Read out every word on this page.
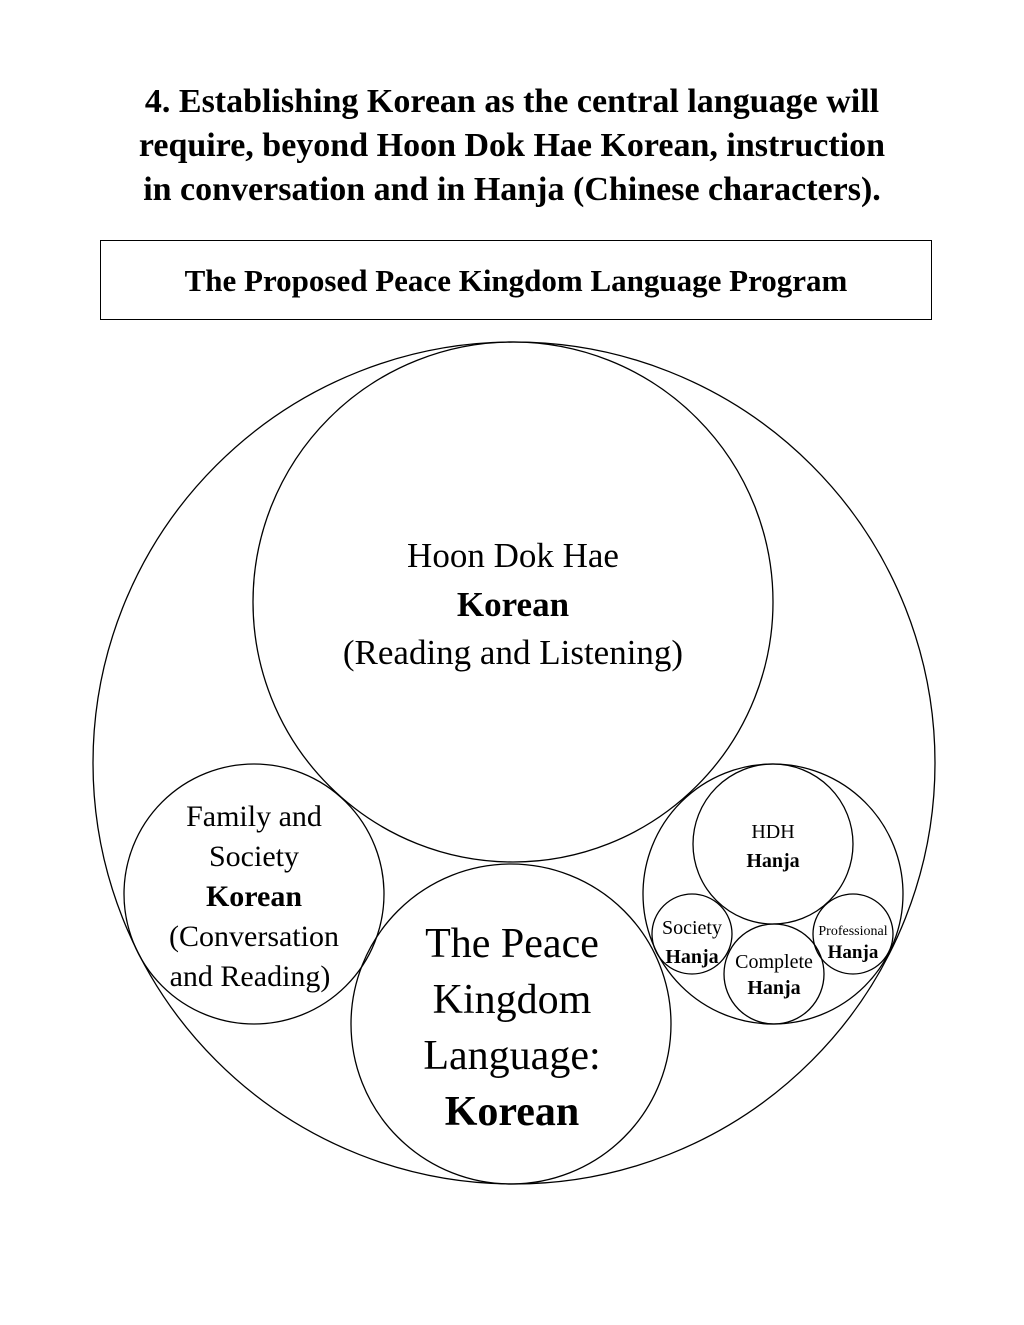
4. Establishing Korean as the central language will
require, beyond Hoon Dok Hae Korean, instruction
in conversation and in Hanja (Chinese characters).
The Proposed Peace Kingdom Language Program
Hoon Dok Hae
Korean
(Reading and Listening)
Family and
Society
Korean
(Conversation
and Reading)
The Peace
Kingdom
Language:
Korean
HDH
Hanja
Society
Hanja Complete
Hanja
Professional
Hanja
